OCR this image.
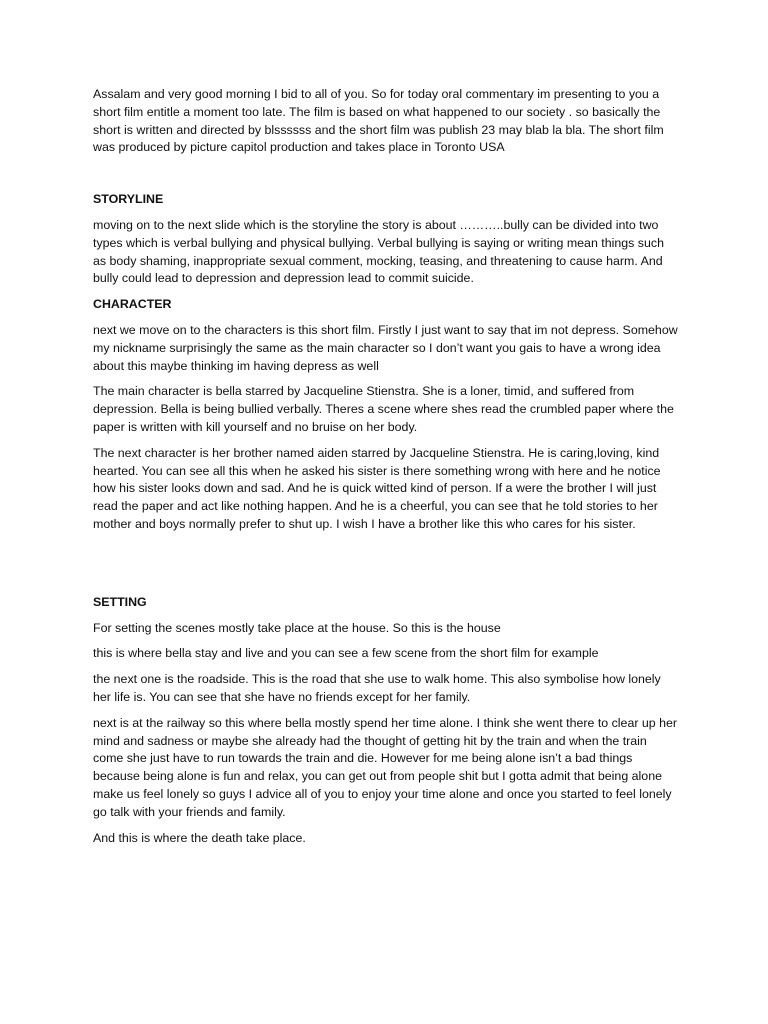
Assalam and very good morning I bid to all of you. So for today oral commentary im presenting to you a short film entitle a moment too late. The film is based on what happened to our society . so basically the short is written and directed by blssssss and the short film was publish 23 may blab la bla. The short film was produced by picture capitol production and takes place in Toronto USA

STORYLINE

moving on to the next slide which is the storyline the story is about ………..bully can be divided into two types which is verbal bullying and physical bullying. Verbal bullying is saying or writing mean things such as body shaming, inappropriate sexual comment, mocking, teasing, and threatening to cause harm. And bully could lead to depression and depression lead to commit suicide.

CHARACTER

next we move on to the characters is this short film. Firstly I just want to say that im not depress. Somehow my nickname surprisingly the same as the main character so I don’t want you gais to have a wrong idea about this maybe thinking im having depress as well

The main character is bella starred by Jacqueline Stienstra. She is a loner, timid, and suffered from depression. Bella is being bullied verbally. Theres a scene where shes read the crumbled paper where the paper is written with kill yourself and no bruise on her body.

The next character is her brother named aiden starred by Jacqueline Stienstra. He is caring,loving, kind hearted. You can see all this when he asked his sister is there something wrong with here and he notice how his sister looks down and sad. And he is quick witted kind of person. If a were the brother I will just read the paper and act like nothing happen. And he is a cheerful, you can see that he told stories to her mother and boys normally prefer to shut up. I wish I have a brother like this who cares for his sister.

SETTING

For setting the scenes mostly take place at the house. So this is the house

this is where bella stay and live and you can see a few scene from the short film for example

the next one is the roadside. This is the road that she use to walk home. This also symbolise how lonely her life is. You can see that she have no friends except for her family.

next is at the railway so this where bella mostly spend her time alone. I think she went there to clear up her mind and sadness or maybe she already had the thought of getting hit by the train and when the train come she just have to run towards the train and die. However for me being alone isn’t a bad things because being alone is fun and relax, you can get out from people shit but I gotta admit that being alone make us feel lonely so guys I advice all of you to enjoy your time alone and once you started to feel lonely go talk with your friends and family.

And this is where the death take place.
